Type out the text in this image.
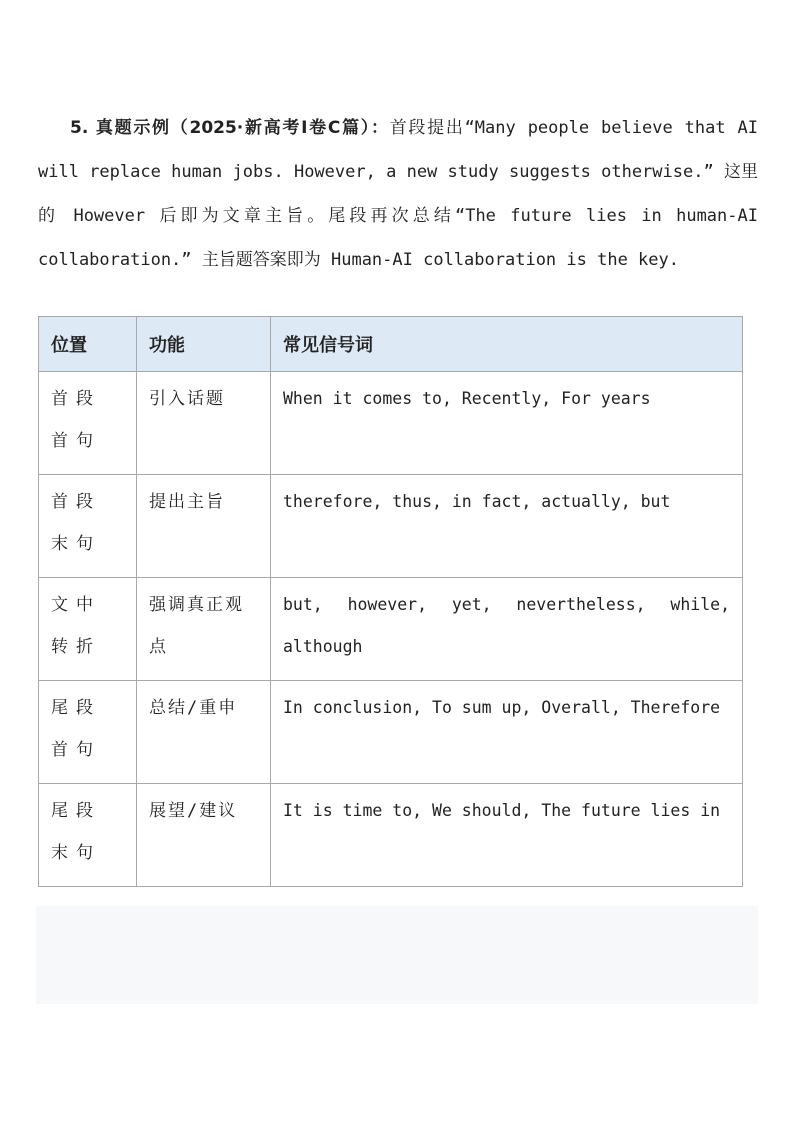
5. 真题示例（2025·新高考Ⅰ卷C篇）：首段提出“Many people believe that AI will replace human jobs. However, a new study suggests otherwise.” 这里的 However 后即为文章主旨。尾段再次总结“The future lies in human-AI collaboration.” 主旨题答案即为 Human-AI collaboration is the key.

位置	功能	常见信号词
首段首句	引入话题	When it comes to, Recently, For years
首段末句	提出主旨	therefore, thus, in fact, actually, but
文中转折	强调真正观点	but, however, yet, nevertheless, while, although
尾段首句	总结/重申	In conclusion, To sum up, Overall, Therefore
尾段末句	展望/建议	It is time to, We should, The future lies in
